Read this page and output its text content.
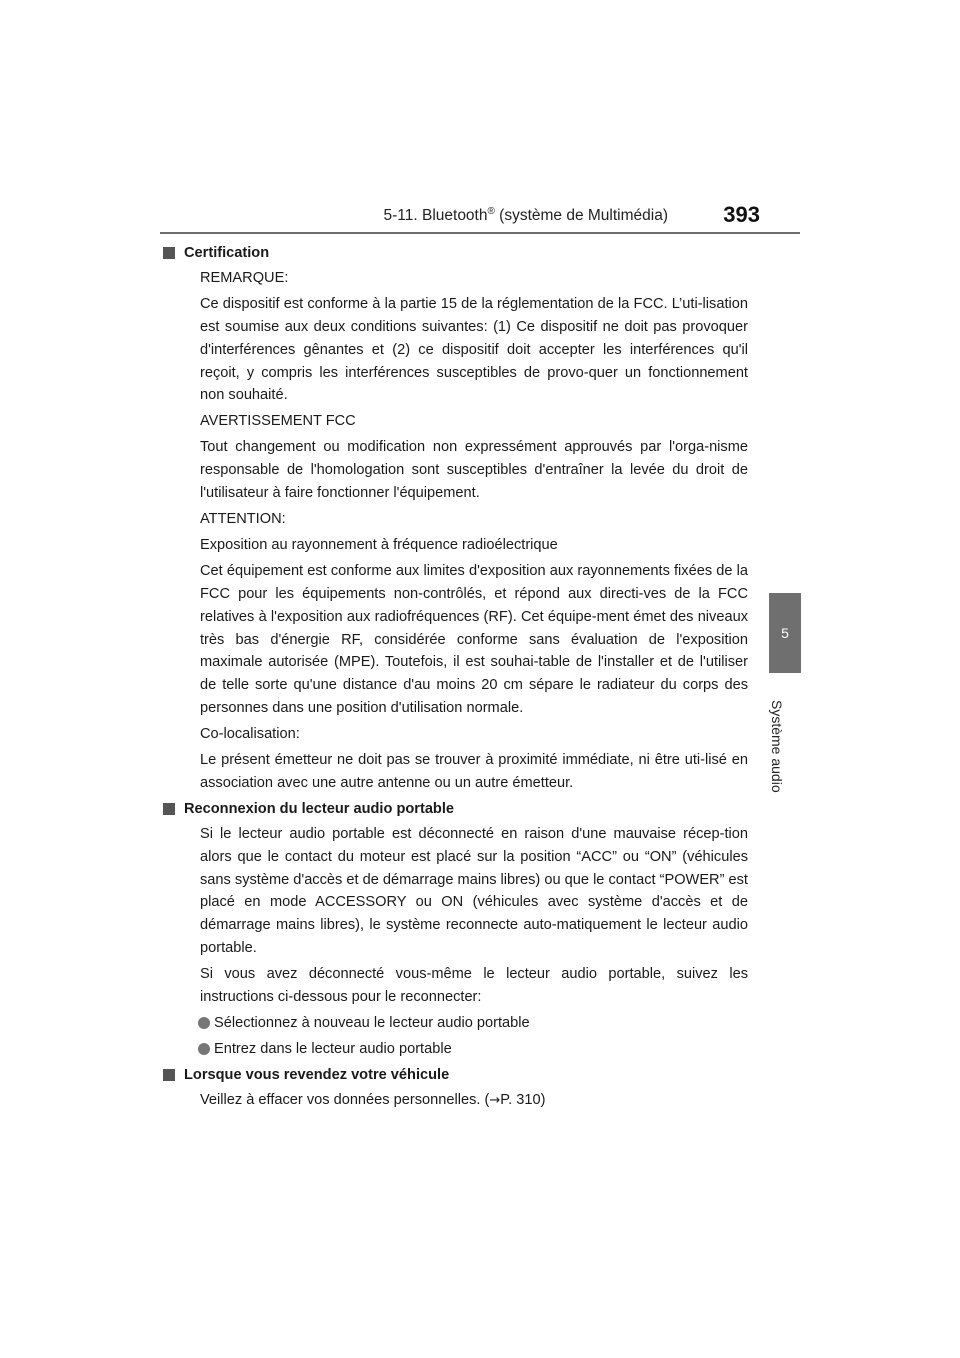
5-11. Bluetooth® (système de Multimédia)	393
5
Système audio
Certification
REMARQUE:
Ce dispositif est conforme à la partie 15 de la réglementation de la FCC. L’uti-lisation est soumise aux deux conditions suivantes: (1) Ce dispositif ne doit pas provoquer d'interférences gênantes et (2) ce dispositif doit accepter les interférences qu'il reçoit, y compris les interférences susceptibles de provo-quer un fonctionnement non souhaité.
AVERTISSEMENT FCC
Tout changement ou modification non expressément approuvés par l'orga-nisme responsable de l'homologation sont susceptibles d'entraîner la levée du droit de l'utilisateur à faire fonctionner l'équipement.
ATTENTION:
Exposition au rayonnement à fréquence radioélectrique
Cet équipement est conforme aux limites d'exposition aux rayonnements fixées de la FCC pour les équipements non-contrôlés, et répond aux directi-ves de la FCC relatives à l'exposition aux radiofréquences (RF). Cet équipe-ment émet des niveaux très bas d'énergie RF, considérée conforme sans évaluation de l'exposition maximale autorisée (MPE). Toutefois, il est souhai-table de l'installer et de l'utiliser de telle sorte qu'une distance d'au moins 20 cm sépare le radiateur du corps des personnes dans une position d'utilisation normale.
Co-localisation:
Le présent émetteur ne doit pas se trouver à proximité immédiate, ni être uti-lisé en association avec une autre antenne ou un autre émetteur.
Reconnexion du lecteur audio portable
Si le lecteur audio portable est déconnecté en raison d'une mauvaise récep-tion alors que le contact du moteur est placé sur la position “ACC” ou “ON” (véhicules sans système d'accès et de démarrage mains libres) ou que le contact “POWER” est placé en mode ACCESSORY ou ON (véhicules avec système d'accès et de démarrage mains libres), le système reconnecte auto-matiquement le lecteur audio portable.
Si vous avez déconnecté vous-même le lecteur audio portable, suivez les instructions ci-dessous pour le reconnecter:
Sélectionnez à nouveau le lecteur audio portable
Entrez dans le lecteur audio portable
Lorsque vous revendez votre véhicule
Veillez à effacer vos données personnelles. (→P. 310)
